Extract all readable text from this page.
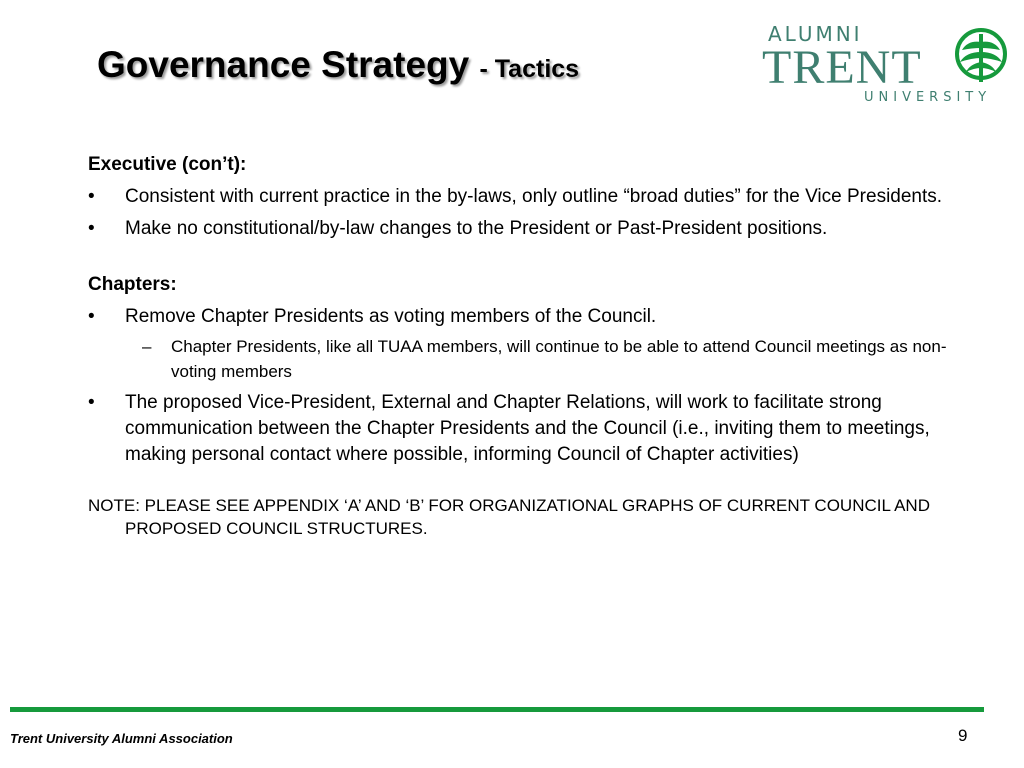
Governance Strategy - Tactics
ALUMNI
TRENT
UNIVERSITY

Executive (con’t):

• Consistent with current practice in the by-laws, only outline “broad duties” for the Vice Presidents.
• Make no constitutional/by-law changes to the President or Past-President positions.

Chapters:

• Remove Chapter Presidents as voting members of the Council.
– Chapter Presidents, like all TUAA members, will continue to be able to attend Council meetings as non-voting members
• The proposed Vice-President, External and Chapter Relations, will work to facilitate strong communication between the Chapter Presidents and the Council (i.e., inviting them to meetings, making personal contact where possible, informing Council of Chapter activities)

NOTE: PLEASE SEE APPENDIX ‘A’ AND ‘B’ FOR ORGANIZATIONAL GRAPHS OF CURRENT COUNCIL AND PROPOSED COUNCIL STRUCTURES.

Trent University Alumni Association	9
